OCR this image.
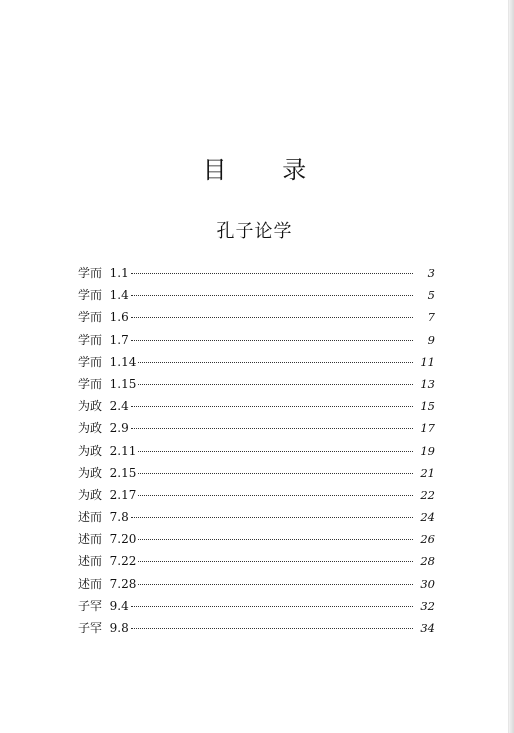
目 录
孔子论学
学而  1.1	3
学而  1.4	5
学而  1.6	7
学而  1.7	9
学而  1.14	11
学而  1.15	13
为政  2.4	15
为政  2.9	17
为政  2.11	19
为政  2.15	21
为政  2.17	22
述而  7.8	24
述而  7.20	26
述而  7.22	28
述而  7.28	30
子罕  9.4	32
子罕  9.8	34
